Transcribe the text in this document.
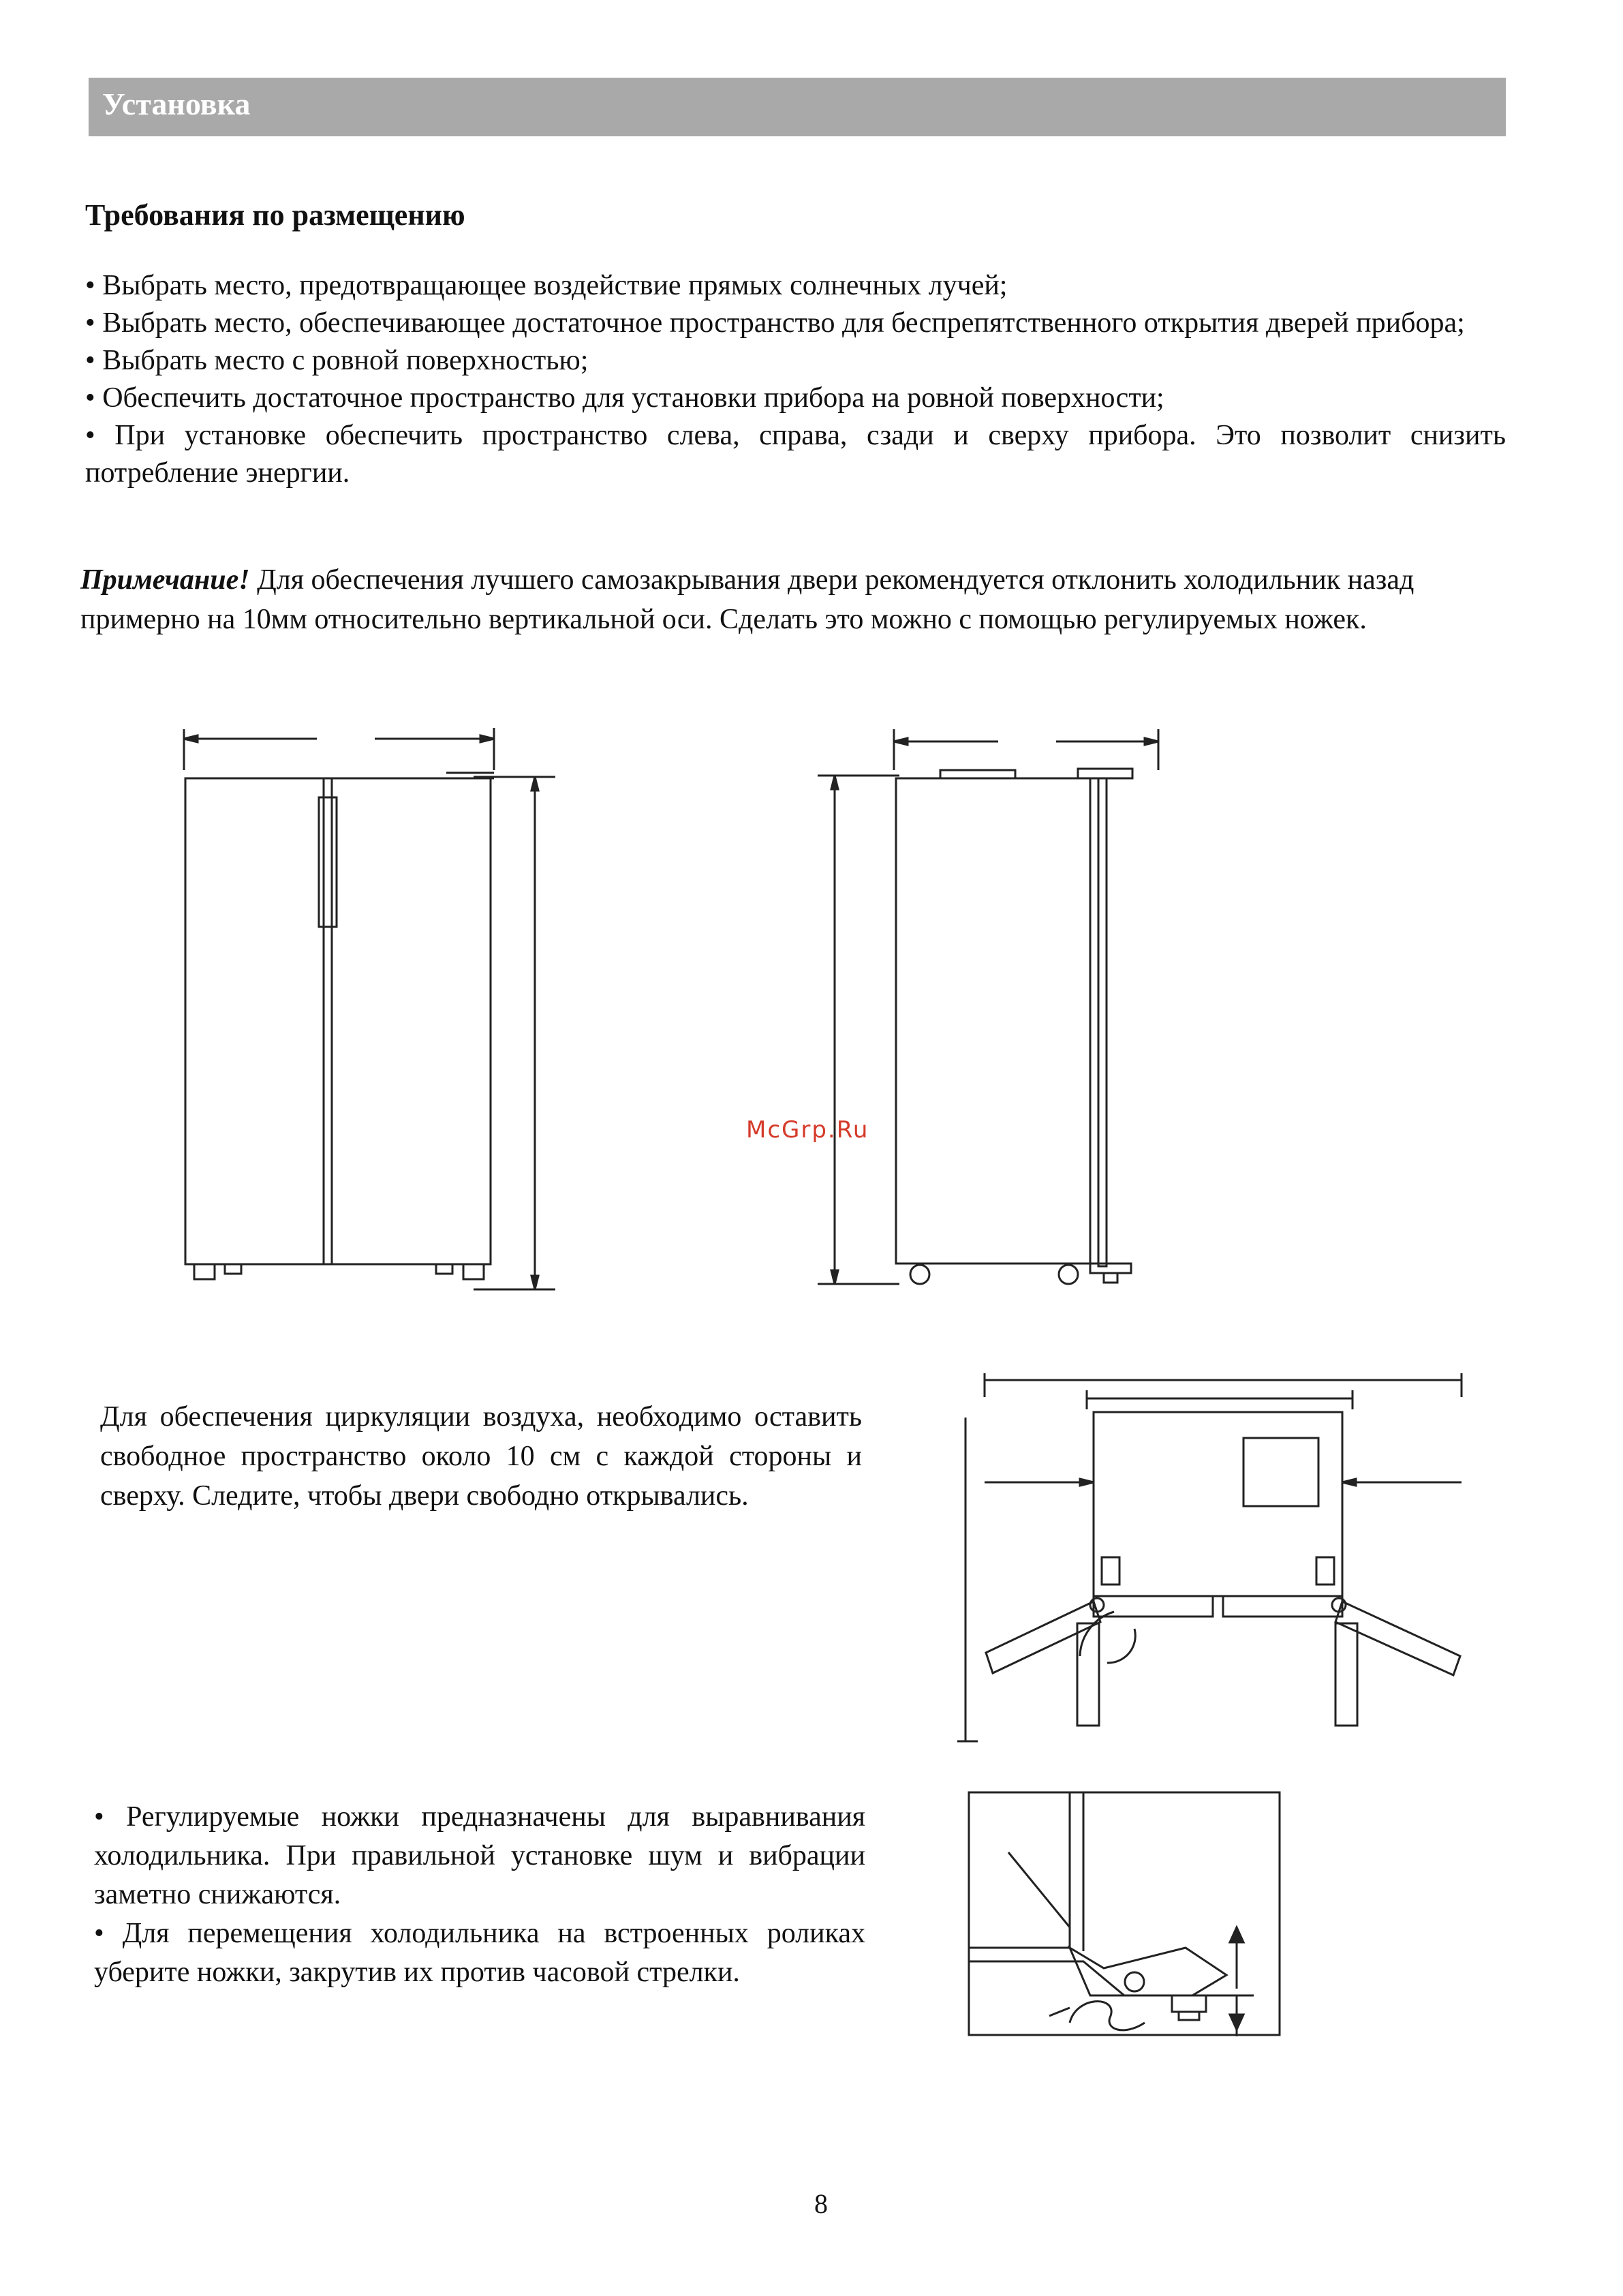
Установка
Требования по размещению

• Выбрать место, предотвращающее воздействие прямых солнечных лучей;

• Выбрать место, обеспечивающее достаточное пространство для беспрепятственного открытия дверей прибора;

• Выбрать место с ровной поверхностью;

• Обеспечить достаточное пространство для установки прибора на ровной поверхности;

• При установке обеспечить пространство слева, справа, сзади и сверху прибора. Это позволит снизить потребление энергии.

Примечание! Для обеспечения лучшего самозакрывания двери рекомендуется отклонить холодильник назад примерно на 10мм относительно вертикальной оси. Сделать это можно с помощью регулируемых ножек.

McGrp.Ru

Для обеспечения циркуляции воздуха, необходимо оставить свободное пространство около 10 см с каждой стороны и сверху. Следите, чтобы двери свободно открывались.

• Регулируемые ножки предназначены для выравнивания холодильника. При правильной установке шум и вибрации заметно снижаются.

• Для перемещения холодильника на встроенных роликах уберите ножки, закрутив их против часовой стрелки.

8
